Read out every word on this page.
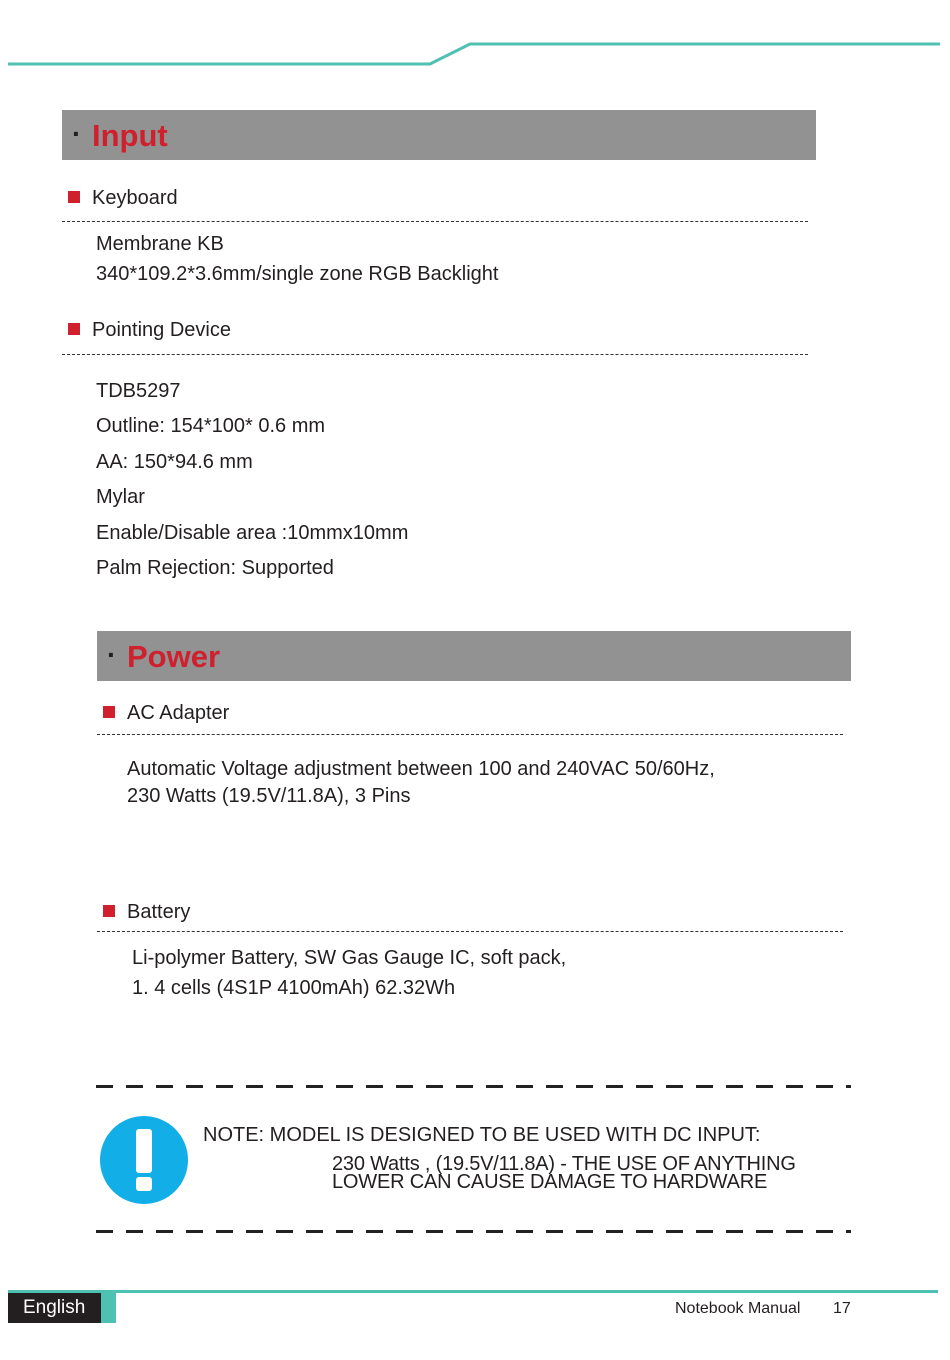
· Input
Keyboard
Membrane KB
340*109.2*3.6mm/single zone RGB Backlight
Pointing Device
TDB5297
Outline: 154*100* 0.6 mm
AA: 150*94.6 mm
Mylar
Enable/Disable area :10mmx10mm
Palm Rejection: Supported
· Power
AC Adapter
Automatic Voltage adjustment between 100 and 240VAC 50/60Hz,
230 Watts (19.5V/11.8A), 3 Pins
Battery
Li-polymer Battery, SW Gas Gauge IC, soft pack,
1. 4 cells (4S1P 4100mAh) 62.32Wh
NOTE: MODEL IS DESIGNED TO BE USED WITH DC INPUT:
230 Watts , (19.5V/11.8A) - THE USE OF ANYTHING
LOWER CAN CAUSE DAMAGE TO HARDWARE
English	Notebook Manual 17
